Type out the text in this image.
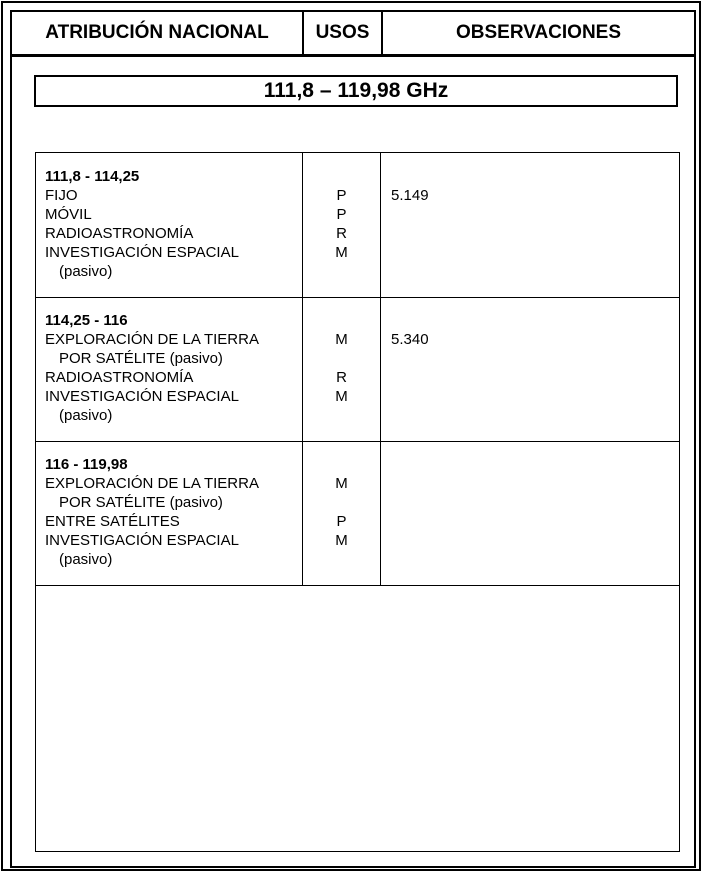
ATRIBUCIÓN NACIONAL	USOS	OBSERVACIONES
111,8 – 119,98 GHz
111,8 - 114,25
FIJO
MÓVIL
RADIOASTRONOMÍA
INVESTIGACIÓN ESPACIAL
(pasivo)
P
P
R
M
5.149
114,25 - 116
EXPLORACIÓN DE LA TIERRA
POR SATÉLITE (pasivo)
RADIOASTRONOMÍA
INVESTIGACIÓN ESPACIAL
(pasivo)
M
R
M
5.340
116 - 119,98
EXPLORACIÓN DE LA TIERRA
POR SATÉLITE (pasivo)
ENTRE SATÉLITES
INVESTIGACIÓN ESPACIAL
(pasivo)
M
P
M
